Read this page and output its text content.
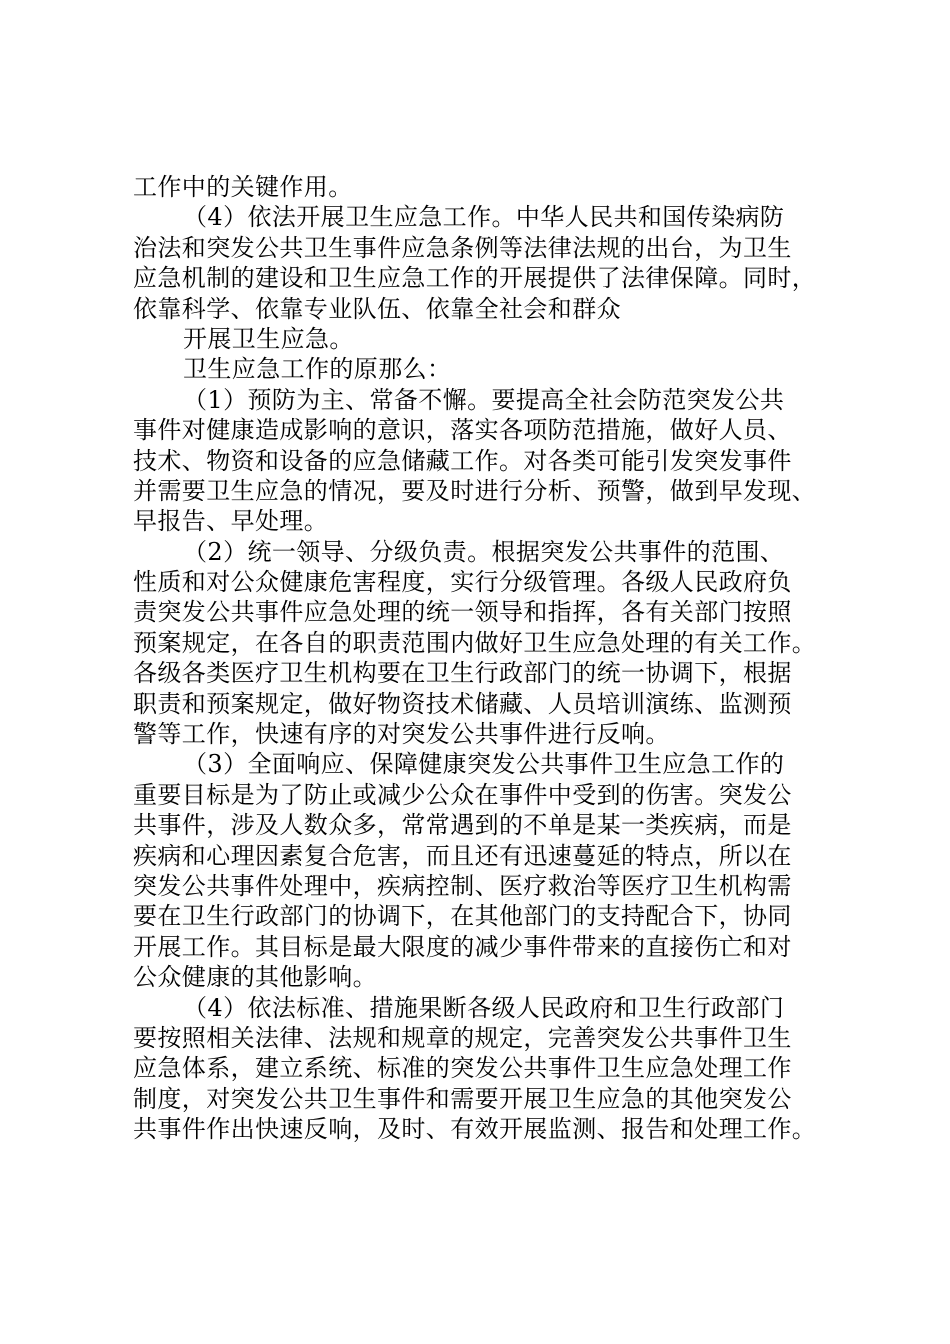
工作中的关键作用。
（4）依法开展卫生应急工作。中华人民共和国传染病防
治法和突发公共卫生事件应急条例等法律法规的出台，为卫生
应急机制的建设和卫生应急工作的开展提供了法律保障。同时，
依靠科学、依靠专业队伍、依靠全社会和群众
开展卫生应急。
卫生应急工作的原那么：
（1）预防为主、常备不懈。要提高全社会防范突发公共
事件对健康造成影响的意识，落实各项防范措施，做好人员、
技术、物资和设备的应急储藏工作。对各类可能引发突发事件
并需要卫生应急的情况，要及时进行分析、预警，做到早发现、
早报告、早处理。
（2）统一领导、分级负责。根据突发公共事件的范围、
性质和对公众健康危害程度，实行分级管理。各级人民政府负
责突发公共事件应急处理的统一领导和指挥，各有关部门按照
预案规定，在各自的职责范围内做好卫生应急处理的有关工作。
各级各类医疗卫生机构要在卫生行政部门的统一协调下，根据
职责和预案规定，做好物资技术储藏、人员培训演练、监测预
警等工作，快速有序的对突发公共事件进行反响。
（3）全面响应、保障健康突发公共事件卫生应急工作的
重要目标是为了防止或减少公众在事件中受到的伤害。突发公
共事件，涉及人数众多，常常遇到的不单是某一类疾病，而是
疾病和心理因素复合危害，而且还有迅速蔓延的特点，所以在
突发公共事件处理中，疾病控制、医疗救治等医疗卫生机构需
要在卫生行政部门的协调下，在其他部门的支持配合下，协同
开展工作。其目标是最大限度的减少事件带来的直接伤亡和对
公众健康的其他影响。
（4）依法标准、措施果断各级人民政府和卫生行政部门
要按照相关法律、法规和规章的规定，完善突发公共事件卫生
应急体系，建立系统、标准的突发公共事件卫生应急处理工作
制度，对突发公共卫生事件和需要开展卫生应急的其他突发公
共事件作出快速反响，及时、有效开展监测、报告和处理工作。
